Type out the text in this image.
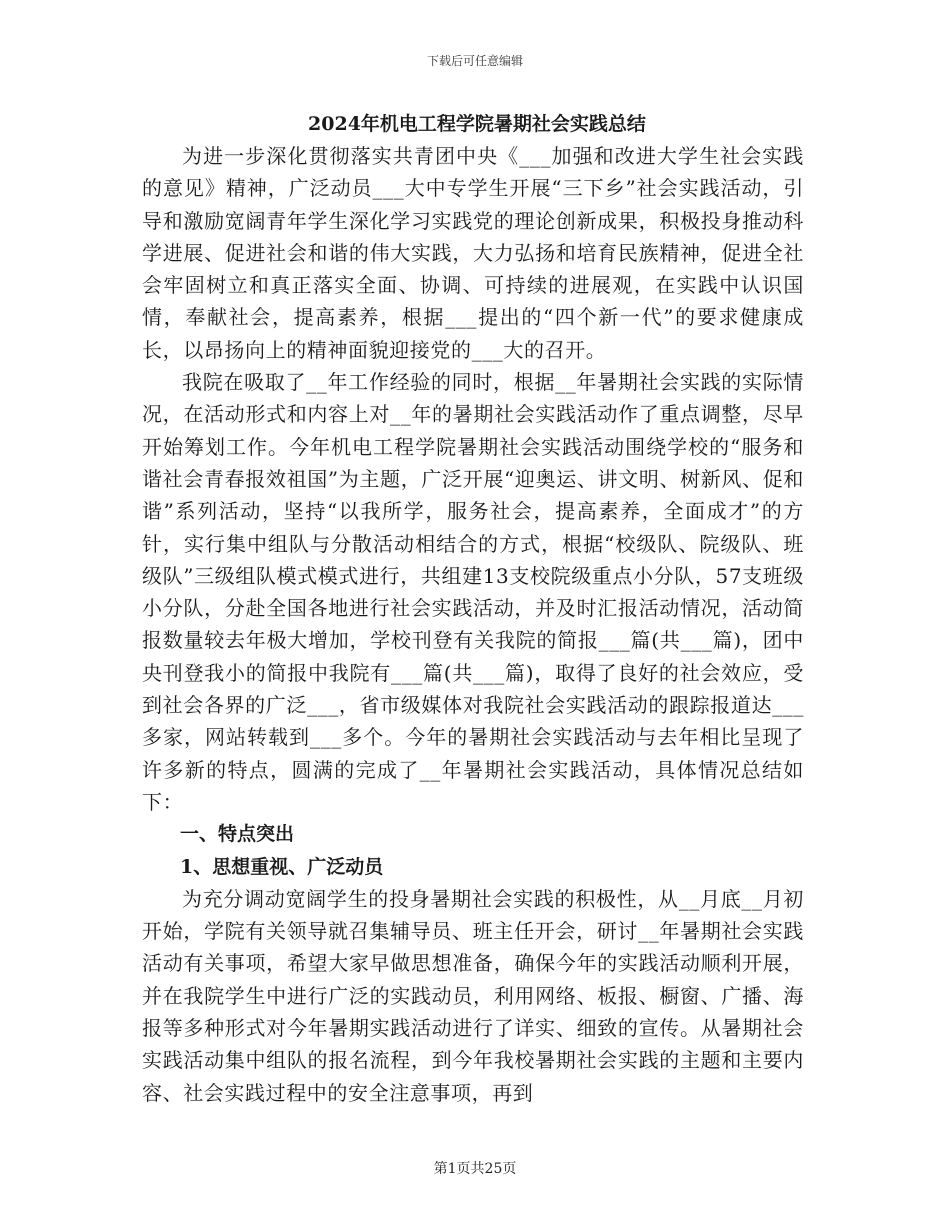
下载后可任意编辑
2024年机电工程学院暑期社会实践总结

为进一步深化贯彻落实共青团中央《___加强和改进大学生社会实践的意见》精神，广泛动员___大中专学生开展“三下乡”社会实践活动，引导和激励宽阔青年学生深化学习实践党的理论创新成果，积极投身推动科学进展、促进社会和谐的伟大实践，大力弘扬和培育民族精神，促进全社会牢固树立和真正落实全面、协调、可持续的进展观，在实践中认识国情，奉献社会，提高素养，根据___提出的“四个新一代”的要求健康成长，以昂扬向上的精神面貌迎接党的___大的召开。

我院在吸取了__年工作经验的同时，根据__年暑期社会实践的实际情况，在活动形式和内容上对__年的暑期社会实践活动作了重点调整，尽早开始筹划工作。今年机电工程学院暑期社会实践活动围绕学校的“服务和谐社会青春报效祖国”为主题，广泛开展“迎奥运、讲文明、树新风、促和谐”系列活动，坚持“以我所学，服务社会，提高素养，全面成才”的方针，实行集中组队与分散活动相结合的方式，根据“校级队、院级队、班级队”三级组队模式模式进行，共组建13支校院级重点小分队，57支班级小分队，分赴全国各地进行社会实践活动，并及时汇报活动情况，活动简报数量较去年极大增加，学校刊登有关我院的简报___篇(共___篇)，团中央刊登我小的简报中我院有___篇(共___篇)，取得了良好的社会效应，受到社会各界的广泛___，省市级媒体对我院社会实践活动的跟踪报道达___多家，网站转载到___多个。今年的暑期社会实践活动与去年相比呈现了许多新的特点，圆满的完成了__年暑期社会实践活动，具体情况总结如下：

一、特点突出

1、思想重视、广泛动员

为充分调动宽阔学生的投身暑期社会实践的积极性，从__月底__月初开始，学院有关领导就召集辅导员、班主任开会，研讨__年暑期社会实践活动有关事项，希望大家早做思想准备，确保今年的实践活动顺利开展，并在我院学生中进行广泛的实践动员，利用网络、板报、橱窗、广播、海报等多种形式对今年暑期实践活动进行了详实、细致的宣传。从暑期社会实践活动集中组队的报名流程，到今年我校暑期社会实践的主题和主要内容、社会实践过程中的安全注意事项，再到

第1页共25页
